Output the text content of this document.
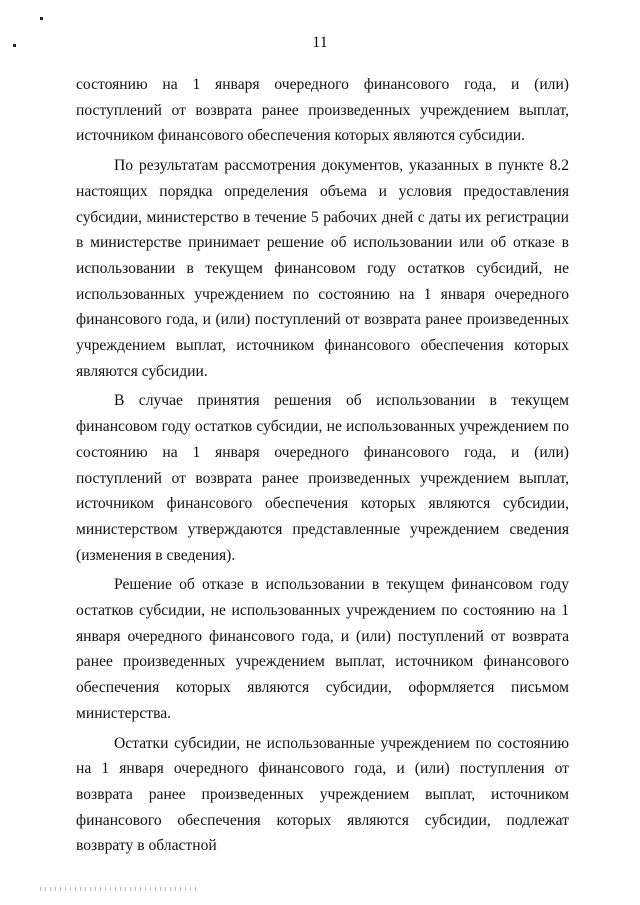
11

состоянию на 1 января очередного финансового года, и (или) поступлений от возврата ранее произведенных учреждением выплат, источником финансового обеспечения которых являются субсидии.

По результатам рассмотрения документов, указанных в пункте 8.2 настоящих порядка определения объема и условия предоставления субсидии, министерство в течение 5 рабочих дней с даты их регистрации в министерстве принимает решение об использовании или об отказе в использовании в текущем финансовом году остатков субсидий, не использованных учреждением по состоянию на 1 января очередного финансового года, и (или) поступлений от возврата ранее произведенных учреждением выплат, источником финансового обеспечения которых являются субсидии.

В случае принятия решения об использовании в текущем финансовом году остатков субсидии, не использованных учреждением по состоянию на 1 января очередного финансового года, и (или) поступлений от возврата ранее произведенных учреждением выплат, источником финансового обеспечения которых являются субсидии, министерством утверждаются представленные учреждением сведения (изменения в сведения).

Решение об отказе в использовании в текущем финансовом году остатков субсидии, не использованных учреждением по состоянию на 1 января очередного финансового года, и (или) поступлений от возврата ранее произведенных учреждением выплат, источником финансового обеспечения которых являются субсидии, оформляется письмом министерства.

Остатки субсидии, не использованные учреждением по состоянию на 1 января очередного финансового года, и (или) поступления от возврата ранее произведенных учреждением выплат, источником финансового обеспечения которых являются субсидии, подлежат возврату в областной
